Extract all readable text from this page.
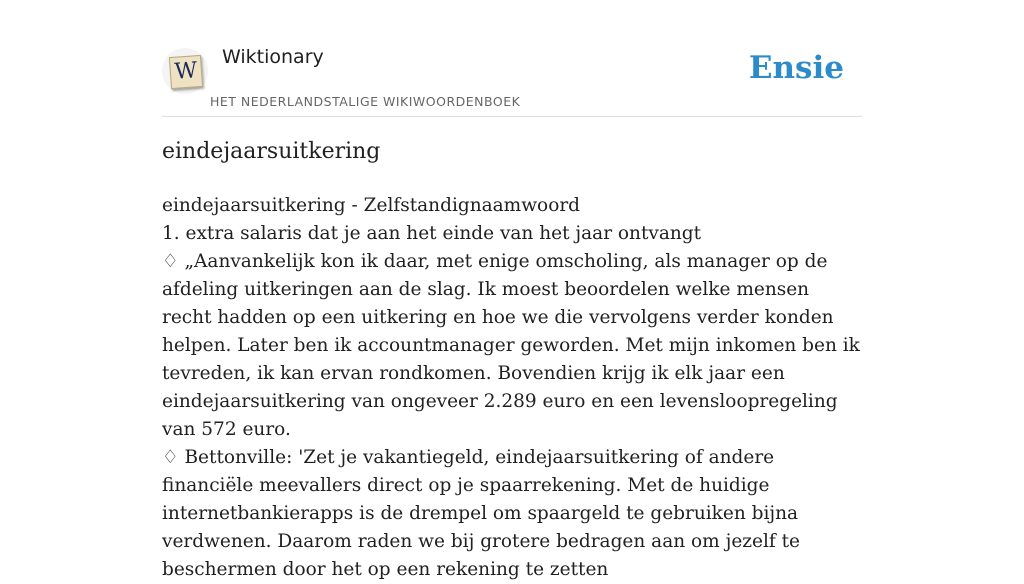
W
Wiktionary
HET NEDERLANDSTALIGE WIKIWOORDENBOEK
Ensie
eindejaarsuitkering

eindejaarsuitkering - Zelfstandignaamwoord

1. extra salaris dat je aan het einde van het jaar ontvangt

♢ „Aanvankelijk kon ik daar, met enige omscholing, als manager op de afdeling uitkeringen aan de slag. Ik moest beoordelen welke mensen recht hadden op een uitkering en hoe we die vervolgens verder konden helpen. Later ben ik accountmanager geworden. Met mijn inkomen ben ik tevreden, ik kan ervan rondkomen. Bovendien krijg ik elk jaar een eindejaarsuitkering van ongeveer 2.289 euro en een levensloopregeling van 572 euro.

♢ Bettonville: 'Zet je vakantiegeld, eindejaarsuitkering of andere financiële meevallers direct op je spaarrekening. Met de huidige internetbankierapps is de drempel om spaargeld te gebruiken bijna verdwenen. Daarom raden we bij grotere bedragen aan om jezelf te beschermen door het op een rekening te zetten
